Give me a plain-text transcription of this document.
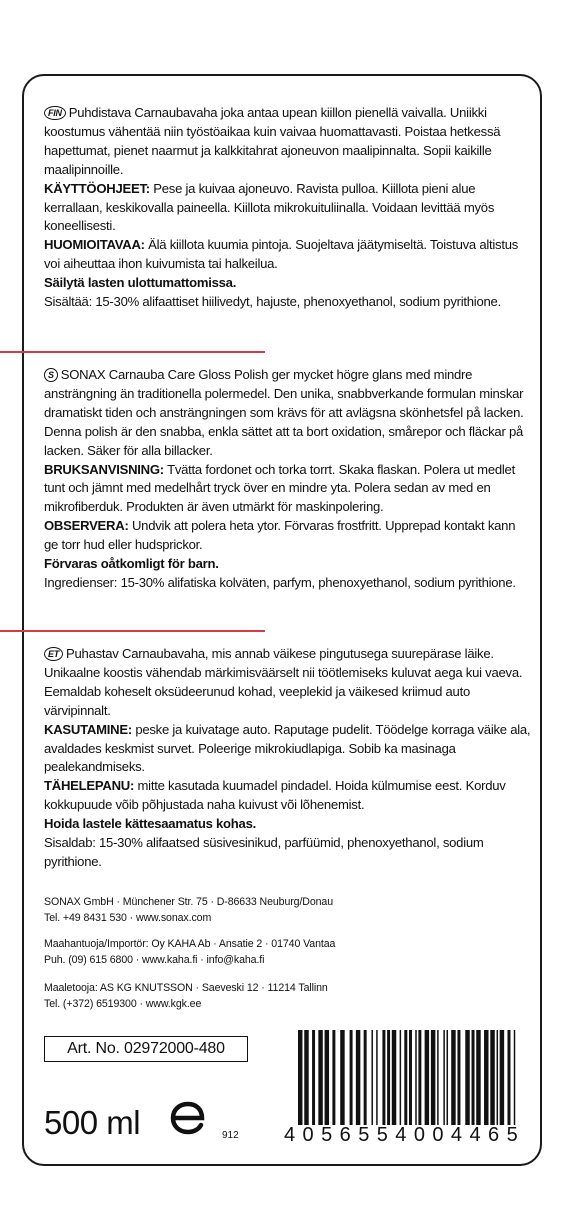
FIN Puhdistava Carnaubavaha joka antaa upean kiillon pienellä vaivalla. Uniikki koostumus vähentää niin työstöaikaa kuin vaivaa huomattavasti. Poistaa hetkessä hapettumat, pienet naarmut ja kalkkitahrat ajoneuvon maalipinnalta. Sopii kaikille maalipinnoille.

KÄYTTÖOHJEET: Pese ja kuivaa ajoneuvo. Ravista pulloa. Kiillota pieni alue kerrallaan, keskikovalla paineella. Kiillota mikrokuituliinalla. Voidaan levittää myös koneellisesti.

HUOMIOITAVAA: Älä kiillota kuumia pintoja. Suojeltava jäätymiseltä. Toistuva altistus voi aiheuttaa ihon kuivumista tai halkeilua.

Säilytä lasten ulottumattomissa.

Sisältää: 15-30% alifaattiset hiilivedyt, hajuste, phenoxyethanol, sodium pyrithione.

S SONAX Carnauba Care Gloss Polish ger mycket högre glans med mindre ansträngning än traditionella polermedel. Den unika, snabbverkande formulan minskar dramatiskt tiden och ansträngningen som krävs för att avlägsna skönhetsfel på lacken. Denna polish är den snabba, enkla sättet att ta bort oxidation, smårepor och fläckar på lacken. Säker för alla billacker.

BRUKSANVISNING: Tvätta fordonet och torka torrt. Skaka flaskan. Polera ut medlet tunt och jämnt med medelhårt tryck över en mindre yta. Polera sedan av med en mikrofiberduk. Produkten är även utmärkt för maskinpolering.

OBSERVERA: Undvik att polera heta ytor. Förvaras frostfritt. Upprepad kontakt kann ge torr hud eller hudsprickor.

Förvaras oåtkomligt för barn.

Ingredienser: 15-30% alifatiska kolväten, parfym, phenoxyethanol, sodium pyrithione.

ET Puhastav Carnaubavaha, mis annab väikese pingutusega suurepärase läike. Unikaalne koostis vähendab märkimisväärselt nii töötlemiseks kuluvat aega kui vaeva. Eemaldab koheselt oksüdeerunud kohad, veeplekid ja väikesed kriimud auto värvipinnalt.

KASUTAMINE: peske ja kuivatage auto. Raputage pudelit. Töödelge korraga väike ala, avaldades keskmist survet. Poleerige mikrokiudlapiga. Sobib ka masinaga pealekandmiseks.

TÄHELEPANU: mitte kasutada kuumadel pindadel. Hoida külmumise eest. Korduv kokkupuude võib põhjustada naha kuivust või lõhenemist.

Hoida lastele kättesaamatus kohas.

Sisaldab: 15-30% alifaatsed süsivesinikud, parfüümid, phenoxyethanol, sodium pyrithione.

SONAX GmbH · Münchener Str. 75 · D-86633 Neuburg/Donau
Tel. +49 8431 530 · www.sonax.com
Maahantuoja/Importör: Oy KAHA Ab · Ansatie 2 · 01740 Vantaa
Puh. (09) 615 6800 · www.kaha.fi · info@kaha.fi
Maaletooja: AS KG KNUTSSON · Saeveski 12 · 11214 Tallinn
Tel. (+372) 6519300 · www.kgk.ee
Art. No. 02972000-480
500 ml
e
912 4 0 5 6 5 5 4 0 0 4 4 6 5
